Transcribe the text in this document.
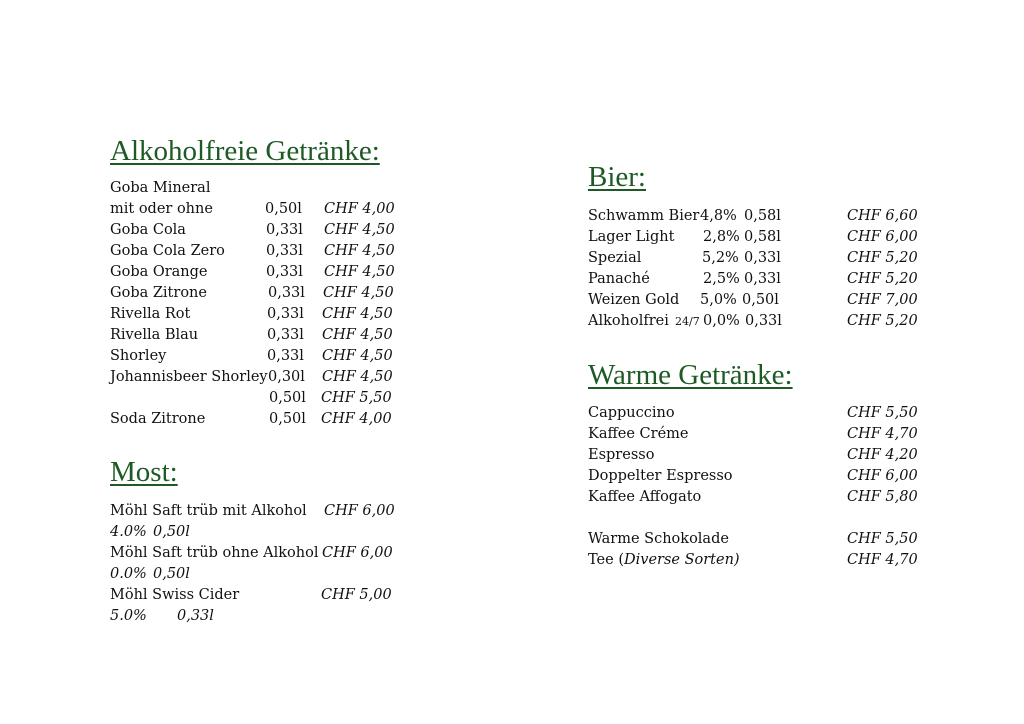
Alkoholfreie Getränke:
Goba Mineral
mit oder ohne	0,50l CHF 4,00
Goba Cola	0,33l CHF 4,50
Goba Cola Zero	0,33l CHF 4,50
Goba Orange	0,33l CHF 4,50
Goba Zitrone	0,33l CHF 4,50
Rivella Rot	0,33l CHF 4,50
Rivella Blau	0,33l CHF 4,50
Shorley	0,33l CHF 4,50
Johannisbeer Shorley 0,30l CHF 4,50
0,50l CHF 5,50
Soda Zitrone	0,50l CHF 4,00
Most:
Möhl Saft trüb mit Alkohol CHF 6,00
4.0% 0,50l
Möhl Saft trüb ohne Alkohol CHF 6,00
0.0% 0,50l
Möhl Swiss Cider	CHF 5,00
5.0% 0,33l
Bier:
Schwamm Bier 4,8% 0,58l	CHF 6,60
Lager Light 2,8% 0,58l	CHF 6,00
Spezial	5,2% 0,33l	CHF 5,20
Panaché	2,5% 0,33l	CHF 5,20
Weizen Gold 5,0% 0,50l	CHF 7,00
Alkoholfrei 24/7 0,0% 0,33l	CHF 5,20
Warme Getränke:
Cappuccino	CHF 5,50
Kaffee Créme	CHF 4,70
Espresso	CHF 4,20
Doppelter Espresso	CHF 6,00
Kaffee Affogato	CHF 5,80
Warme Schokolade	CHF 5,50
Tee (Diverse Sorten)	CHF 4,70
